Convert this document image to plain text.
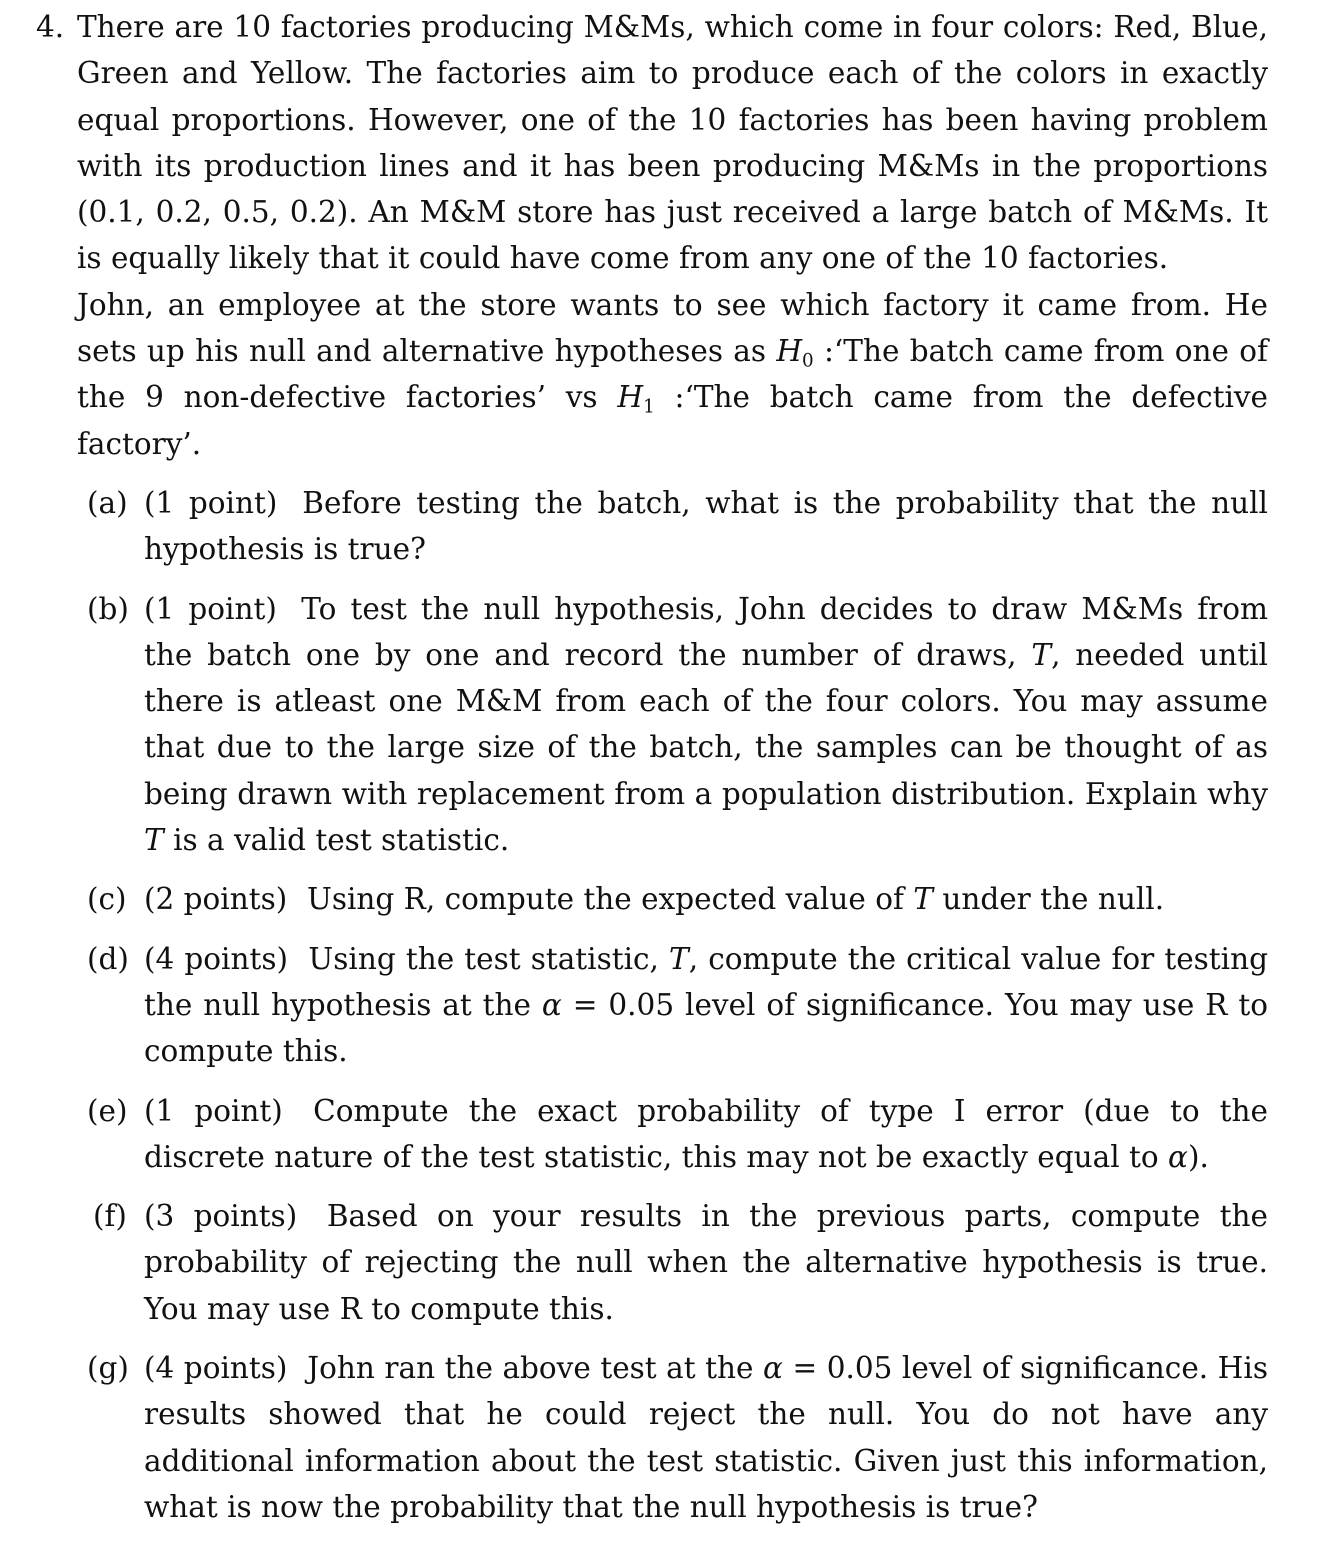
4. There are 10 factories producing M&Ms, which come in four colors: Red, Blue, Green and Yellow. The factories aim to produce each of the colors in exactly equal proportions. However, one of the 10 factories has been having problem with its production lines and it has been producing M&Ms in the proportions (0.1, 0.2, 0.5, 0.2). An M&M store has just received a large batch of M&Ms. It is equally likely that it could have come from any one of the 10 factories.

John, an employee at the store wants to see which factory it came from. He sets up his null and alternative hypotheses as $H_0$ :‘The batch came from one of the 9 non-defective factories’ vs $H_1$ :‘The batch came from the defective factory’.

(a) (1 point) Before testing the batch, what is the probability that the null hypothesis is true?
(b) (1 point) To test the null hypothesis, John decides to draw M&Ms from the batch one by one and record the number of draws, T, needed until there is atleast one M&M from each of the four colors. You may assume that due to the large size of the batch, the samples can be thought of as being drawn with replacement from a population distribution. Explain why T is a valid test statistic.
(c) (2 points) Using R, compute the expected value of T under the null.
(d) (4 points) Using the test statistic, T, compute the critical value for testing the null hypothesis at the α = 0.05 level of significance. You may use R to compute this.
(e) (1 point) Compute the exact probability of type I error (due to the discrete nature of the test statistic, this may not be exactly equal to α).
(f) (3 points) Based on your results in the previous parts, compute the probability of rejecting the null when the alternative hypothesis is true. You may use R to compute this.
(g) (4 points) John ran the above test at the α = 0.05 level of significance. His results showed that he could reject the null. You do not have any additional information about the test statistic. Given just this information, what is now the probability that the null hypothesis is true?
